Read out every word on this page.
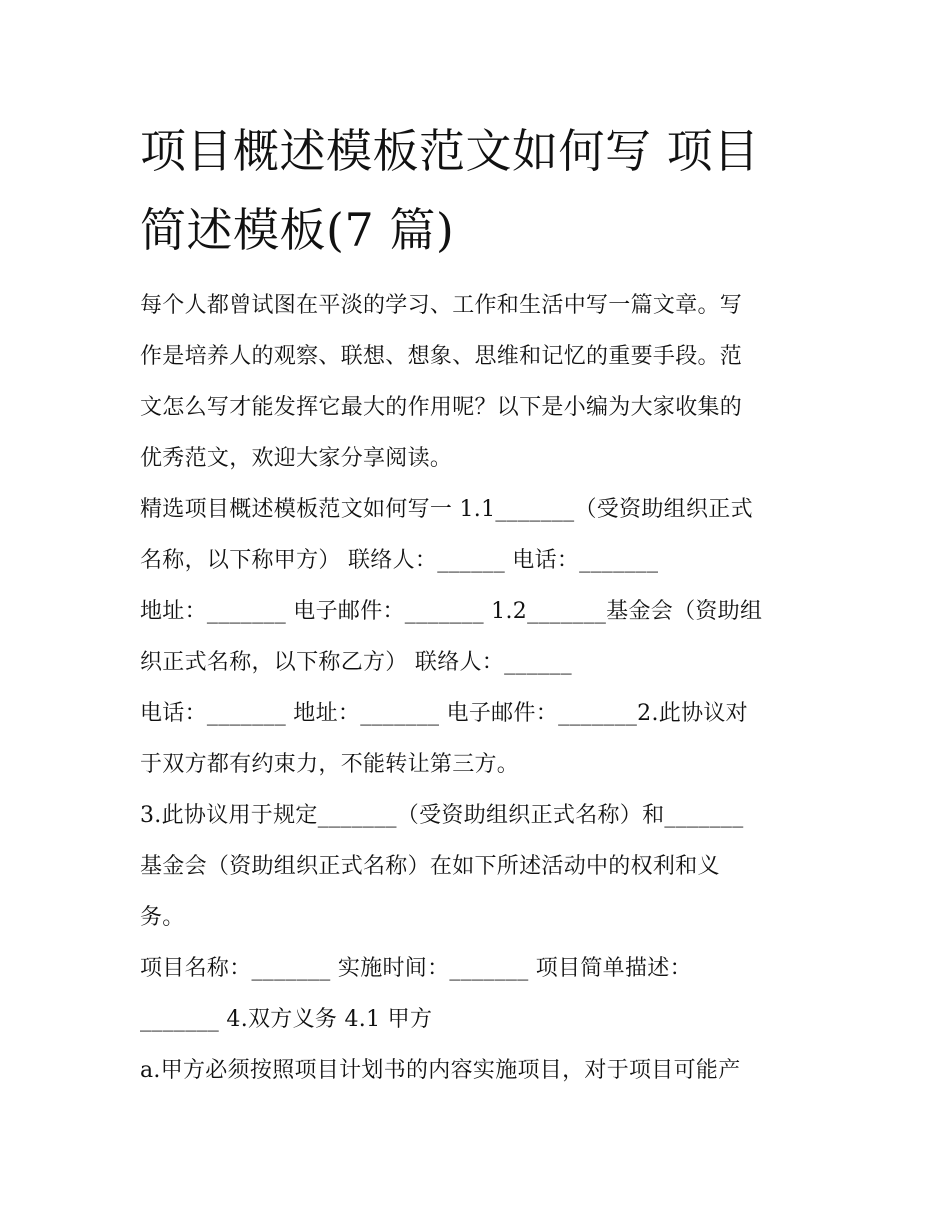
项目概述模板范文如何写 项目
简述模板(7 篇)

每个人都曾试图在平淡的学习、工作和生活中写一篇文章。写
作是培养人的观察、联想、想象、思维和记忆的重要手段。范
文怎么写才能发挥它最大的作用呢？以下是小编为大家收集的
优秀范文，欢迎大家分享阅读。

精选项目概述模板范文如何写一 1.1_______（受资助组织正式
名称，以下称甲方） 联络人：______ 电话：_______
地址：_______ 电子邮件：_______ 1.2_______基金会（资助组
织正式名称，以下称乙方） 联络人：______
电话：_______ 地址：_______ 电子邮件：_______2.此协议对
于双方都有约束力，不能转让第三方。
3.此协议用于规定_______（受资助组织正式名称）和_______
基金会（资助组织正式名称）在如下所述活动中的权利和义
务。
项目名称：_______ 实施时间：_______ 项目简单描述：
_______ 4.双方义务 4.1 甲方
a.甲方必须按照项目计划书的内容实施项目，对于项目可能产
